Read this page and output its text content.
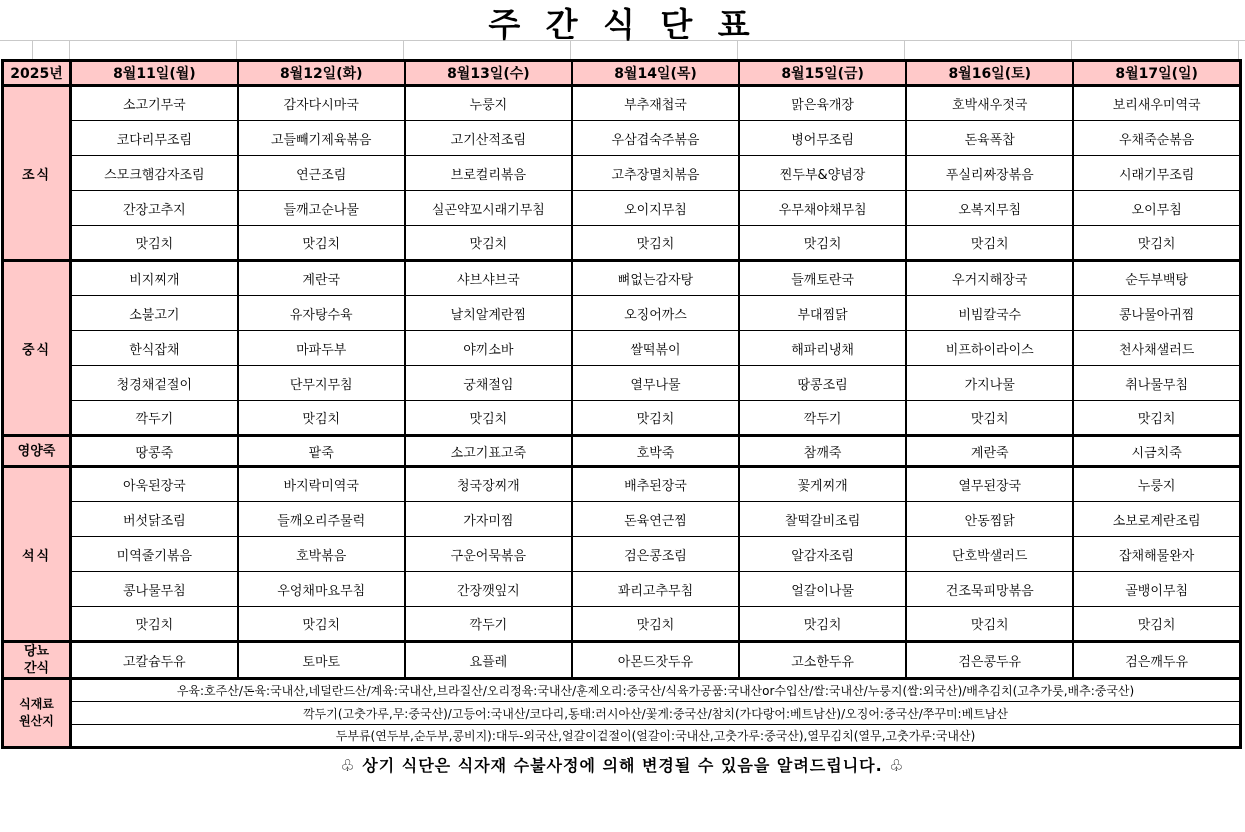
주 간 식 단 표
2025년	8월11일(월)	8월12일(화)	8월13일(수)	8월14일(목)	8월15일(금)	8월16일(토)	8월17일(일)
조식	소고기무국	감자다시마국	누룽지	부추재첩국	맑은육개장	호박새우젓국	보리새우미역국
	코다리무조림	고들빼기제육볶음	고기산적조림	우삼겹숙주볶음	병어무조림	돈육폭찹	우채죽순볶음
	스모크햄감자조림	연근조림	브로컬리볶음	고추장멸치볶음	찐두부&양념장	푸실리짜장볶음	시래기무조림
	간장고추지	들깨고순나물	실곤약꼬시래기무침	오이지무침	우무채야채무침	오복지무침	오이무침
	맛김치	맛김치	맛김치	맛김치	맛김치	맛김치	맛김치
중식	비지찌개	계란국	샤브샤브국	뼈없는감자탕	들깨토란국	우거지해장국	순두부백탕
	소불고기	유자탕수육	날치알계란찜	오징어까스	부대찜닭	비빔칼국수	콩나물아귀찜
	한식잡채	마파두부	야끼소바	쌀떡볶이	해파리냉채	비프하이라이스	천사채샐러드
	청경채겉절이	단무지무침	궁채절임	열무나물	땅콩조림	가지나물	취나물무침
	깍두기	맛김치	맛김치	맛김치	깍두기	맛김치	맛김치
영양죽	땅콩죽	팥죽	소고기표고죽	호박죽	참깨죽	계란죽	시금치죽
석식	아욱된장국	바지락미역국	청국장찌개	배추된장국	꽃게찌개	열무된장국	누룽지
	버섯닭조림	들깨오리주물럭	가자미찜	돈육연근찜	찰떡갈비조림	안동찜닭	소보로계란조림
	미역줄기볶음	호박볶음	구운어묵볶음	검은콩조림	알감자조림	단호박샐러드	잡채해물완자
	콩나물무침	우엉채마요무침	간장깻잎지	꽈리고추무침	얼갈이나물	건조묵피망볶음	골뱅이무침
	맛김치	맛김치	깍두기	맛김치	맛김치	맛김치	맛김치
당뇨
간식	고칼슘두유	토마토	요플레	아몬드잣두유	고소한두유	검은콩두유	검은깨두유
식재료
원산지	우육:호주산/돈육:국내산,네덜란드산/계육:국내산,브라질산/오리정육:국내산/훈제오리:중국산/식육가공품:국내산or수입산/쌀:국내산/누룽지(쌀:외국산)/배추김치(고추가룻,배추:중국산)						
	깍두기(고춧가루,무:중국산)/고등어:국내산/코다리,동태:러시아산/꽃게:중국산/참치(가다랑어:베트남산)/오징어:중국산/쭈꾸미:베트남산						
	두부류(연두부,순두부,콩비지):대두-외국산,얼갈이겉절이(얼갈이:국내산,고춧가루:중국산),열무김치(열무,고춧가루:국내산)						
♧ 상기 식단은 식자재 수불사정에 의해 변경될 수 있음을 알려드립니다. ♧
